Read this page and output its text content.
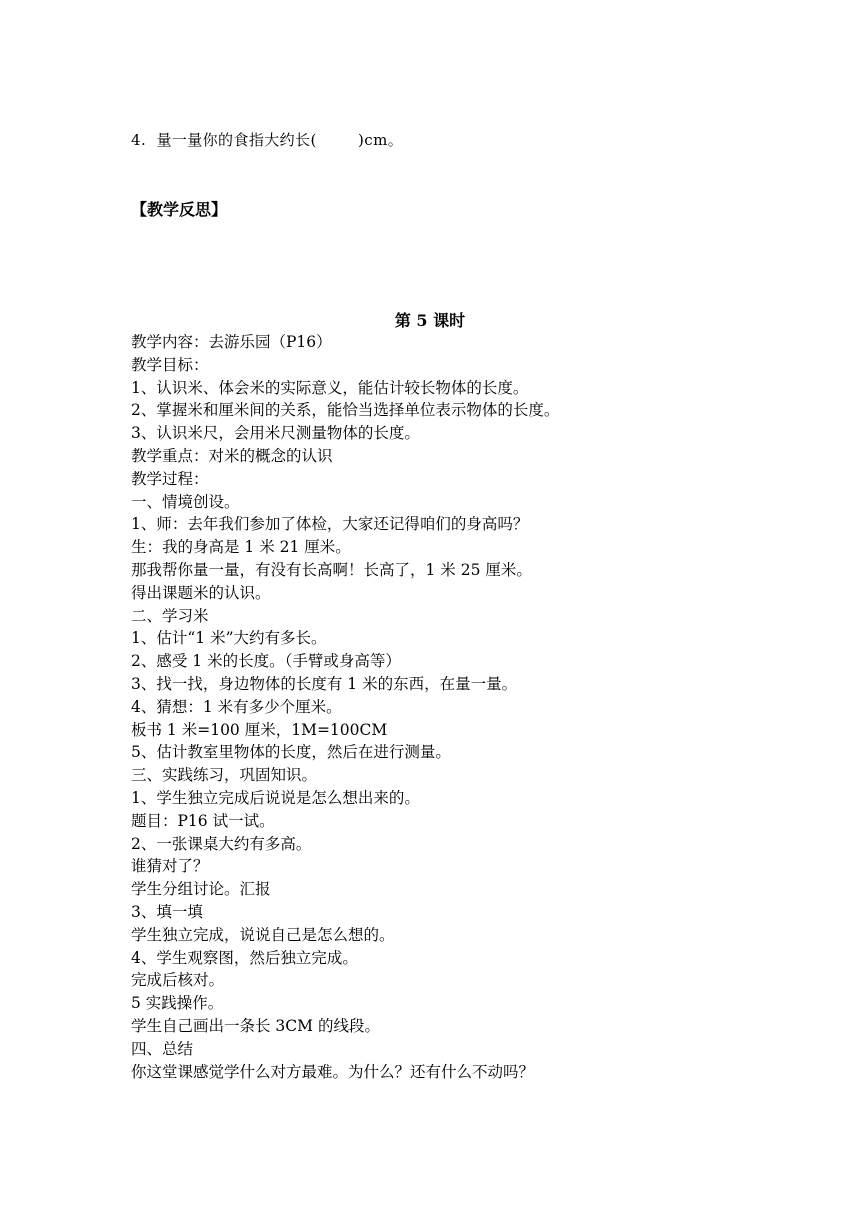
4.  量一量你的食指大约长(        )cm。
【教学反思】
第 5 课时
教学内容：去游乐园（P16）
教学目标：
1、认识米、体会米的实际意义，能估计较长物体的长度。
2、掌握米和厘米间的关系，能恰当选择单位表示物体的长度。
3、认识米尺，会用米尺测量物体的长度。
教学重点：对米的概念的认识
教学过程：
一、情境创设。
1、师：去年我们参加了体检，大家还记得咱们的身高吗？
生：我的身高是 1 米 21 厘米。
那我帮你量一量，有没有长高啊！长高了，1 米 25 厘米。
得出课题米的认识。
二、学习米
1、估计“1 米”大约有多长。
2、感受 1 米的长度。（手臂或身高等）
3、找一找，身边物体的长度有 1 米的东西，在量一量。
4、猜想：1 米有多少个厘米。
板书 1 米=100 厘米，1M=100CM
5、估计教室里物体的长度，然后在进行测量。
三、实践练习，巩固知识。
1、学生独立完成后说说是怎么想出来的。
题目：P16 试一试。
2、一张课桌大约有多高。
谁猜对了？
学生分组讨论。汇报
3、填一填
学生独立完成，说说自己是怎么想的。
4、学生观察图，然后独立完成。
完成后核对。
5 实践操作。
学生自己画出一条长 3CM 的线段。
四、总结
你这堂课感觉学什么对方最难。为什么？还有什么不动吗？
